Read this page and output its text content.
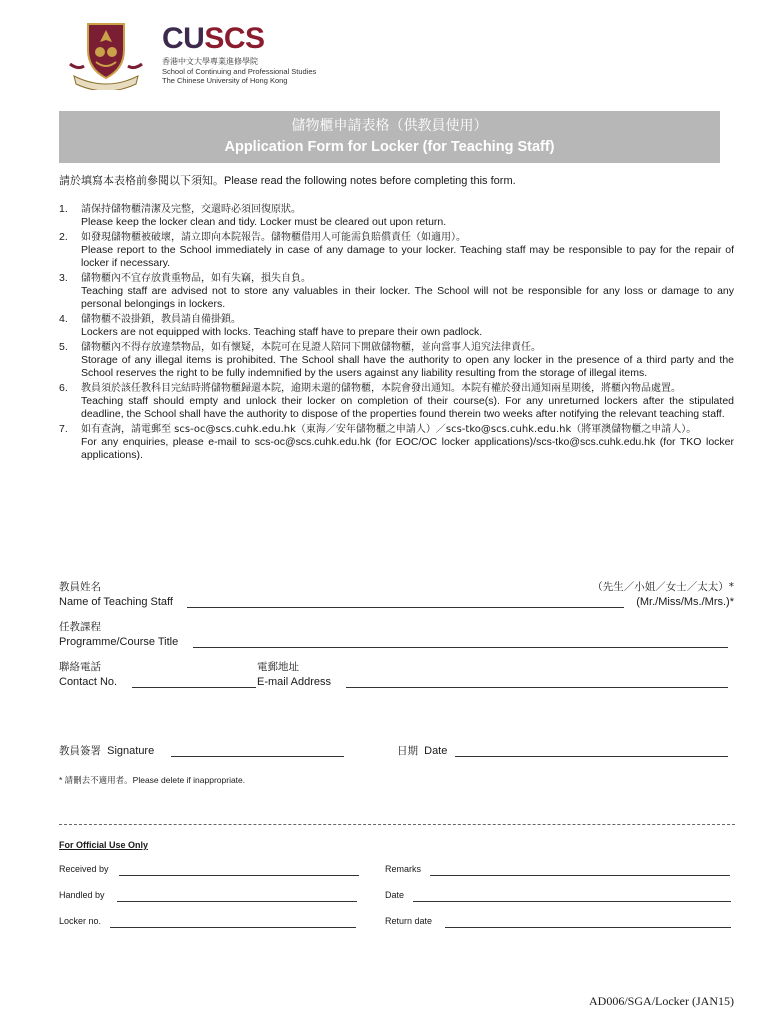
CUSCS
香港中文大學專業進修學院
School of Continuing and Professional Studies
The Chinese University of Hong Kong
儲物櫃申請表格（供教員使用）
Application Form for Locker (for Teaching Staff)
請於填寫本表格前參閱以下須知。Please read the following notes before completing this form.
1. 請保持儲物櫃清潔及完整，交還時必須回復原狀。
Please keep the locker clean and tidy. Locker must be cleared out upon return.
2. 如發現儲物櫃被破壞，請立即向本院報告。儲物櫃借用人可能需負賠償責任（如適用）。
Please report to the School immediately in case of any damage to your locker. Teaching staff may be responsible to pay for the repair of locker if necessary.
3. 儲物櫃內不宜存放貴重物品，如有失竊，損失自負。
Teaching staff are advised not to store any valuables in their locker. The School will not be responsible for any loss or damage to any personal belongings in lockers.
4. 儲物櫃不設掛鎖，教員請自備掛鎖。
Lockers are not equipped with locks. Teaching staff have to prepare their own padlock.
5. 儲物櫃內不得存放違禁物品，如有懷疑，本院可在見證人陪同下開啟儲物櫃，並向當事人追究法律責任。
Storage of any illegal items is prohibited. The School shall have the authority to open any locker in the presence of a third party and the School reserves the right to be fully indemnified by the users against any liability resulting from the storage of illegal items.
6. 教員須於該任教科目完結時將儲物櫃歸還本院，逾期未還的儲物櫃，本院會發出通知。本院有權於發出通知兩星期後，將櫃內物品處置。
Teaching staff should empty and unlock their locker on completion of their course(s). For any unreturned lockers after the stipulated deadline, the School shall have the authority to dispose of the properties found therein two weeks after notifying the relevant teaching staff.
7. 如有查詢，請電郵至 scs-oc@scs.cuhk.edu.hk（東海／安年儲物櫃之申請人）／scs-tko@scs.cuhk.edu.hk（將軍澳儲物櫃之申請人）。
For any enquiries, please e-mail to scs-oc@scs.cuhk.edu.hk (for EOC/OC locker applications)/scs-tko@scs.cuhk.edu.hk (for TKO locker applications).
教員姓名
Name of Teaching Staff
（先生／小姐／女士／太太）*
(Mr./Miss/Ms./Mrs.)*
任教課程
Programme/Course Title
聯絡電話
Contact No.
電郵地址
E-mail Address
教員簽署 Signature	日期 Date
* 請刪去不適用者。Please delete if inappropriate.
For Official Use Only
Received by	Remarks
Handled by	Date
Locker no.	Return date
AD006/SGA/Locker (JAN15)
